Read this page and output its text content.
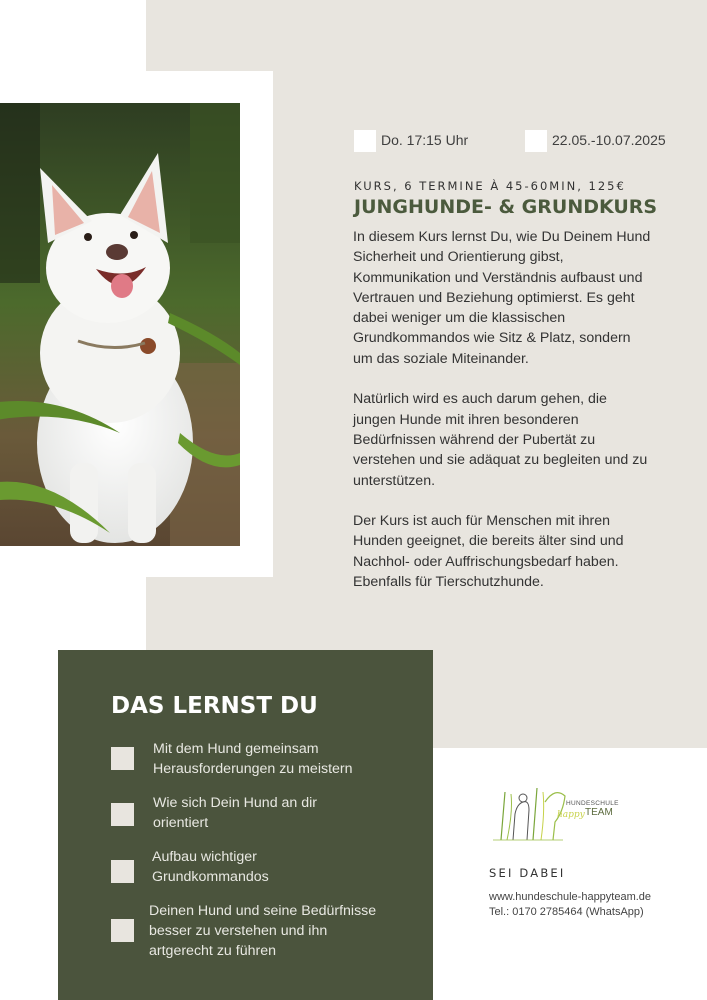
Do. 17:15 Uhr	22.05.-10.07.2025
KURS, 6 TERMINE À 45-60MIN, 125€
JUNGHUNDE- & GRUNDKURS

In diesem Kurs lernst Du, wie Du Deinem Hund Sicherheit und Orientierung gibst, Kommunikation und Verständnis aufbaust und Vertrauen und Beziehung optimierst. Es geht dabei weniger um die klassischen Grundkommandos wie Sitz & Platz, sondern um das soziale Miteinander.

Natürlich wird es auch darum gehen, die jungen Hunde mit ihren besonderen Bedürfnissen während der Pubertät zu verstehen und sie adäquat zu begleiten und zu unterstützen.

Der Kurs ist auch für Menschen mit ihren Hunden geeignet, die bereits älter sind und Nachhol- oder Auffrischungsbedarf haben. Ebenfalls für Tierschutzhunde.

DAS LERNST DU
Mit dem Hund gemeinsam Herausforderungen zu meistern
Wie sich Dein Hund an dir orientiert
Aufbau wichtiger Grundkommandos
Deinen Hund und seine Bedürfnisse besser zu verstehen und ihn artgerecht zu führen
HUNDESCHULE
happy TEAM
SEI DABEI
www.hundeschule-happyteam.de
Tel.: 0170 2785464 (WhatsApp)
